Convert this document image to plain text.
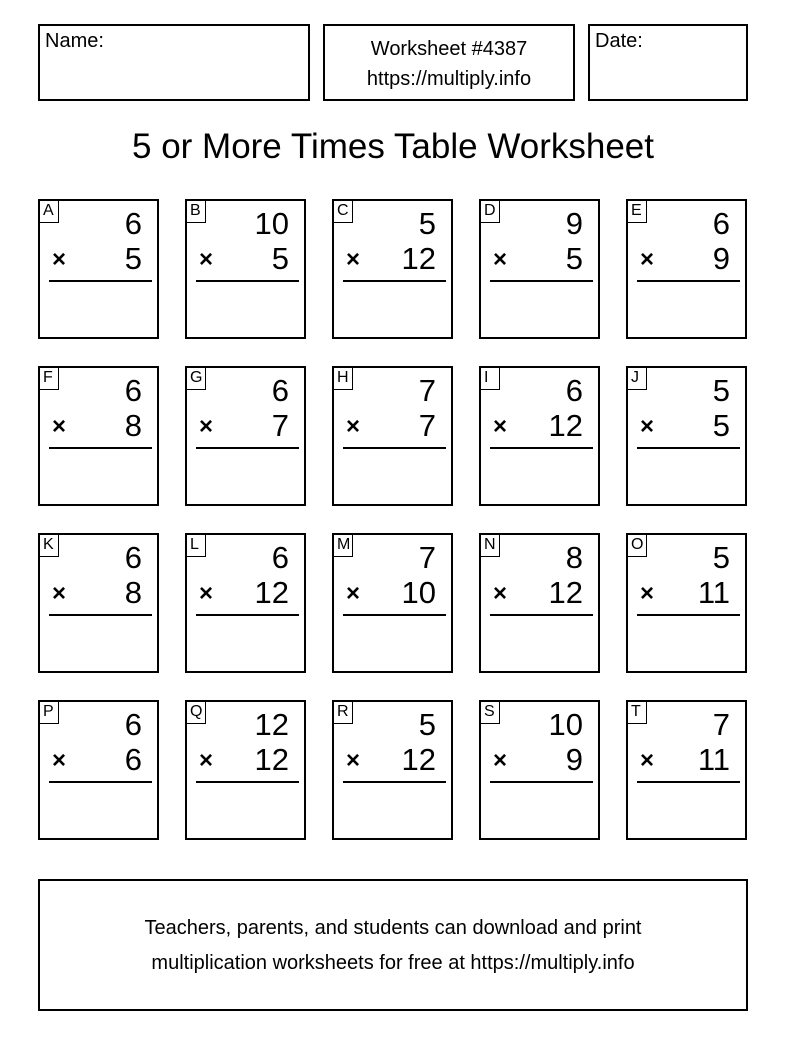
Name:	Worksheet #4387
https://multiply.info
Date:
5 or More Times Table Worksheet
A 6
× 5
B 10
× 5
C 5
× 12
D 9
× 5
E 6
× 9
F 6
× 8
G 6
× 7
H 7
× 7
I	6
× 12
J 5
× 5
K 6
× 8
L 6
× 12
M 7
× 10
N 8
× 12
O 5
× 11
P 6
× 6
Q 12
× 12
R 5
× 12
S 10
× 9
T 7
× 11
Teachers, parents, and students can download and print
multiplication worksheets for free at https://multiply.info
